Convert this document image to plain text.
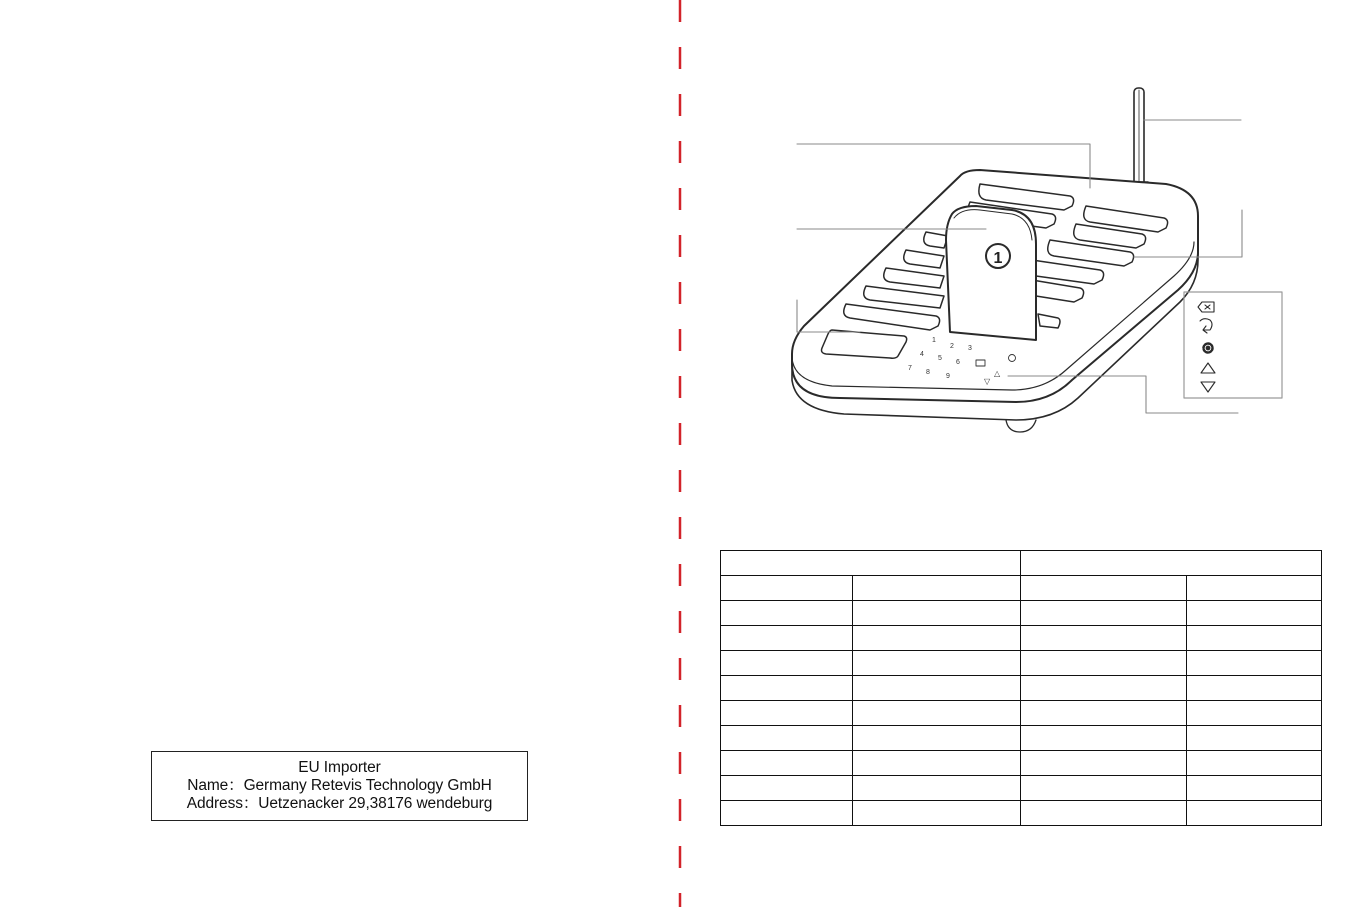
EU Importer
Name：Germany Retevis Technology GmbH
Address：Uetzenacker 29,38176 wendeburg
1
1
2 3
4
5
6
7
8
9	△
▽
